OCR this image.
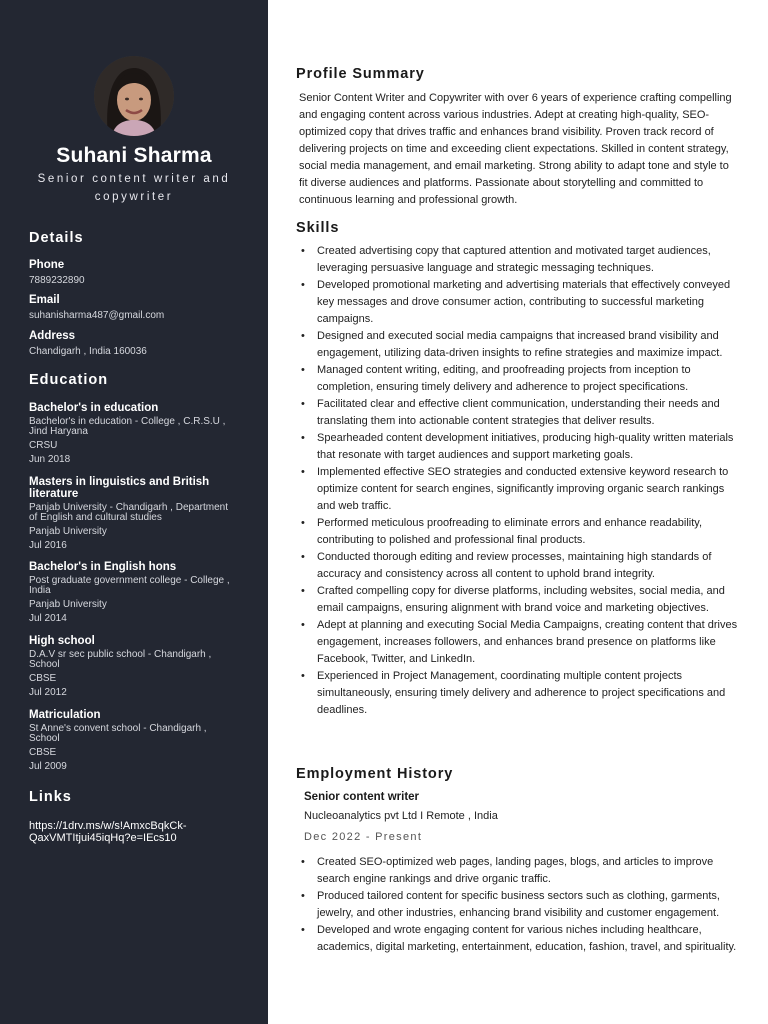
Suhani Sharma
Senior content writer and copywriter
Details
Phone
7889232890
Email
suhanisharma487@gmail.com
Address
Chandigarh , India 160036
Education
Bachelor's in education
Bachelor's in education - College , C.R.S.U ,
Jind Haryana
CRSU
Jun 2018
Masters in linguistics and British
literature
Panjab University - Chandigarh , Department
of English and cultural studies
Panjab University
Jul 2016
Bachelor's in English hons
Post graduate government college - College ,
India
Panjab University
Jul 2014
High school
D.A.V sr sec public school - Chandigarh ,
School
CBSE
Jul 2012
Matriculation
St Anne's convent school - Chandigarh ,
School
CBSE
Jul 2009
Links
https://1drv.ms/w/s!AmxcBqkCk-
QaxVMTItjui45iqHq?e=IEcs10
Profile Summary

Senior Content Writer and Copywriter with over 6 years of experience crafting compelling and engaging content across various industries. Adept at creating high-quality, SEO-optimized copy that drives traffic and enhances brand visibility. Proven track record of delivering projects on time and exceeding client expectations. Skilled in content strategy, social media management, and email marketing. Strong ability to adapt tone and style to fit diverse audiences and platforms. Passionate about storytelling and committed to continuous learning and professional growth.

Skills
• Created advertising copy that captured attention and motivated target audiences, leveraging persuasive language and strategic messaging techniques.
• Developed promotional marketing and advertising materials that effectively conveyed key messages and drove consumer action, contributing to successful marketing campaigns.
• Designed and executed social media campaigns that increased brand visibility and engagement, utilizing data-driven insights to refine strategies and maximize impact.
• Managed content writing, editing, and proofreading projects from inception to completion, ensuring timely delivery and adherence to project specifications.
• Facilitated clear and effective client communication, understanding their needs and translating them into actionable content strategies that deliver results.
• Spearheaded content development initiatives, producing high-quality written materials that resonate with target audiences and support marketing goals.
• Implemented effective SEO strategies and conducted extensive keyword research to optimize content for search engines, significantly improving organic search rankings and web traffic.
• Performed meticulous proofreading to eliminate errors and enhance readability, contributing to polished and professional final products.
• Conducted thorough editing and review processes, maintaining high standards of accuracy and consistency across all content to uphold brand integrity.
• Crafted compelling copy for diverse platforms, including websites, social media, and email campaigns, ensuring alignment with brand voice and marketing objectives.
• Adept at planning and executing Social Media Campaigns, creating content that drives engagement, increases followers, and enhances brand presence on platforms like Facebook, Twitter, and LinkedIn.
• Experienced in Project Management, coordinating multiple content projects simultaneously, ensuring timely delivery and adherence to project specifications and deadlines.
Employment History
Senior content writer
Nucleoanalytics pvt Ltd I Remote , India
Dec 2022 - Present
• Created SEO-optimized web pages, landing pages, blogs, and articles to improve search engine rankings and drive organic traffic.
• Produced tailored content for specific business sectors such as clothing, garments, jewelry, and other industries, enhancing brand visibility and customer engagement.
• Developed and wrote engaging content for various niches including healthcare, academics, digital marketing, entertainment, education, fashion, travel, and spirituality.
